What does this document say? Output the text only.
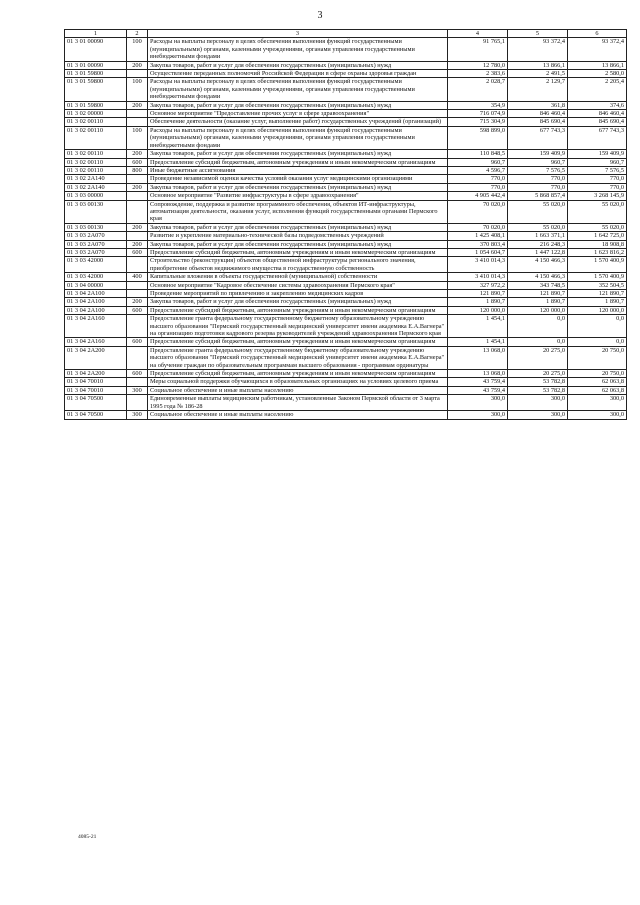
3
1	2	3	4	5	6
01 3 01 00090	100	Расходы на выплаты персоналу в целях обеспечения выполнения функций государственными (муниципальными) органами, казенными учреждениями, органами управления государственными внебюджетными фондами	91 765,1	93 372,4	93 372,4
01 3 01 00090	200	Закупка товаров, работ и услуг для обеспечения государственных (муниципальных) нужд	12 780,0	13 866,1	13 866,1
01 3 01 59800		Осуществление переданных полномочий Российской Федерации в сфере охраны здоровья граждан	2 383,6	2 491,5	2 580,0
01 3 01 59800	100	Расходы на выплаты персоналу в целях обеспечения выполнения функций государственными (муниципальными) органами, казенными учреждениями, органами управления государственными внебюджетными фондами	2 028,7	2 129,7	2 205,4
01 3 01 59800	200	Закупка товаров, работ и услуг для обеспечения государственных (муниципальных) нужд	354,9	361,8	374,6
01 3 02 00000		Основное мероприятие "Предоставление прочих услуг в сфере здравоохранения"	716 074,9	846 460,4	846 460,4
01 3 02 00110		Обеспечение деятельности (оказание услуг, выполнение работ) государственных учреждений (организаций)	715 304,9	845 690,4	845 690,4
01 3 02 00110	100	Расходы на выплаты персоналу в целях обеспечения выполнения функций государственными (муниципальными) органами, казенными учреждениями, органами управления государственными внебюджетными фондами	598 899,0	677 743,3	677 743,3
01 3 02 00110	200	Закупка товаров, работ и услуг для обеспечения государственных (муниципальных) нужд	110 848,5	159 409,9	159 409,9
01 3 02 00110	600	Предоставление субсидий бюджетным, автономным учреждениям и иным некоммерческим организациям	960,7	960,7	960,7
01 3 02 00110	800	Иные бюджетные ассигнования	4 596,7	7 576,5	7 576,5
01 3 02 2А140		Проведение независимой оценки качества условий оказания услуг медицинскими организациями	770,0	770,0	770,0
01 3 02 2А140	200	Закупка товаров, работ и услуг для обеспечения государственных (муниципальных) нужд	770,0	770,0	770,0
01 3 03 00000		Основное мероприятие "Развитие инфраструктуры в сфере здравоохранения"	4 905 442,4	5 868 857,4	3 268 145,9
01 3 03 00130		Сопровождение, поддержка и развитие программного обеспечения, объектов ИТ-инфраструктуры, автоматизация деятельности, оказания услуг, исполнения функций государственными органами Пермского края	70 020,0	55 020,0	55 020,0
01 3 03 00130	200	Закупка товаров, работ и услуг для обеспечения государственных (муниципальных) нужд	70 020,0	55 020,0	55 020,0
01 3 03 2А070		Развитие и укрепление материально-технической базы подведомственных учреждений	1 425 408,1	1 663 371,1	1 642 725,0
01 3 03 2А070	200	Закупка товаров, работ и услуг для обеспечения государственных (муниципальных) нужд	370 803,4	216 248,3	18 908,8
01 3 03 2А070	600	Предоставление субсидий бюджетным, автономным учреждениям и иным некоммерческим организациям	1 054 604,7	1 447 122,8	1 623 816,2
01 3 03 42000		Строительство (реконструкция) объектов общественной инфраструктуры регионального значения, приобретение объектов недвижимого имущества в государственную собственность	3 410 014,3	4 150 466,3	1 570 400,9
01 3 03 42000	400	Капитальные вложения в объекты государственной (муниципальной) собственности	3 410 014,3	4 150 466,3	1 570 400,9
01 3 04 00000		Основное мероприятие "Кадровое обеспечение системы здравоохранения Пермского края"	327 972,2	343 748,5	352 504,5
01 3 04 2А100		Проведение мероприятий по привлечению и закреплению медицинских кадров	121 890,7	121 890,7	121 890,7
01 3 04 2А100	200	Закупка товаров, работ и услуг для обеспечения государственных (муниципальных) нужд	1 890,7	1 890,7	1 890,7
01 3 04 2А100	600	Предоставление субсидий бюджетным, автономным учреждениям и иным некоммерческим организациям	120 000,0	120 000,0	120 000,0
01 3 04 2А160		Предоставление гранта федеральному государственному бюджетному образовательному учреждению высшего образования "Пермский государственный медицинский университет имени академика Е.А.Вагнера" на организацию подготовки кадрового резерва руководителей учреждений здравоохранения Пермского края	1 454,1	0,0	0,0
01 3 04 2А160	600	Предоставление субсидий бюджетным, автономным учреждениям и иным некоммерческим организациям	1 454,1	0,0	0,0
01 3 04 2А200		Предоставление гранта федеральному государственному бюджетному образовательному учреждению высшего образования "Пермский государственный медицинский университет имени академика Е.А.Вагнера" на обучение граждан по образовательным программам высшего образования - программам ординатуры	13 068,0	20 275,0	20 750,0
01 3 04 2А200	600	Предоставление субсидий бюджетным, автономным учреждениям и иным некоммерческим организациям	13 068,0	20 275,0	20 750,0
01 3 04 70010		Меры социальной поддержки обучающихся в образовательных организациях на условиях целевого приема	43 759,4	53 782,8	62 063,8
01 3 04 70010	300	Социальное обеспечение и иные выплаты населению	43 759,4	53 782,8	62 063,8
01 3 04 70500		Единовременные выплаты медицинским работникам, установленные Законом Пермской области от 3 марта 1995 года № 186-28	300,0	300,0	300,0
01 3 04 70500	300	Социальное обеспечение и иные выплаты населению	300,0	300,0	300,0
4085-21
